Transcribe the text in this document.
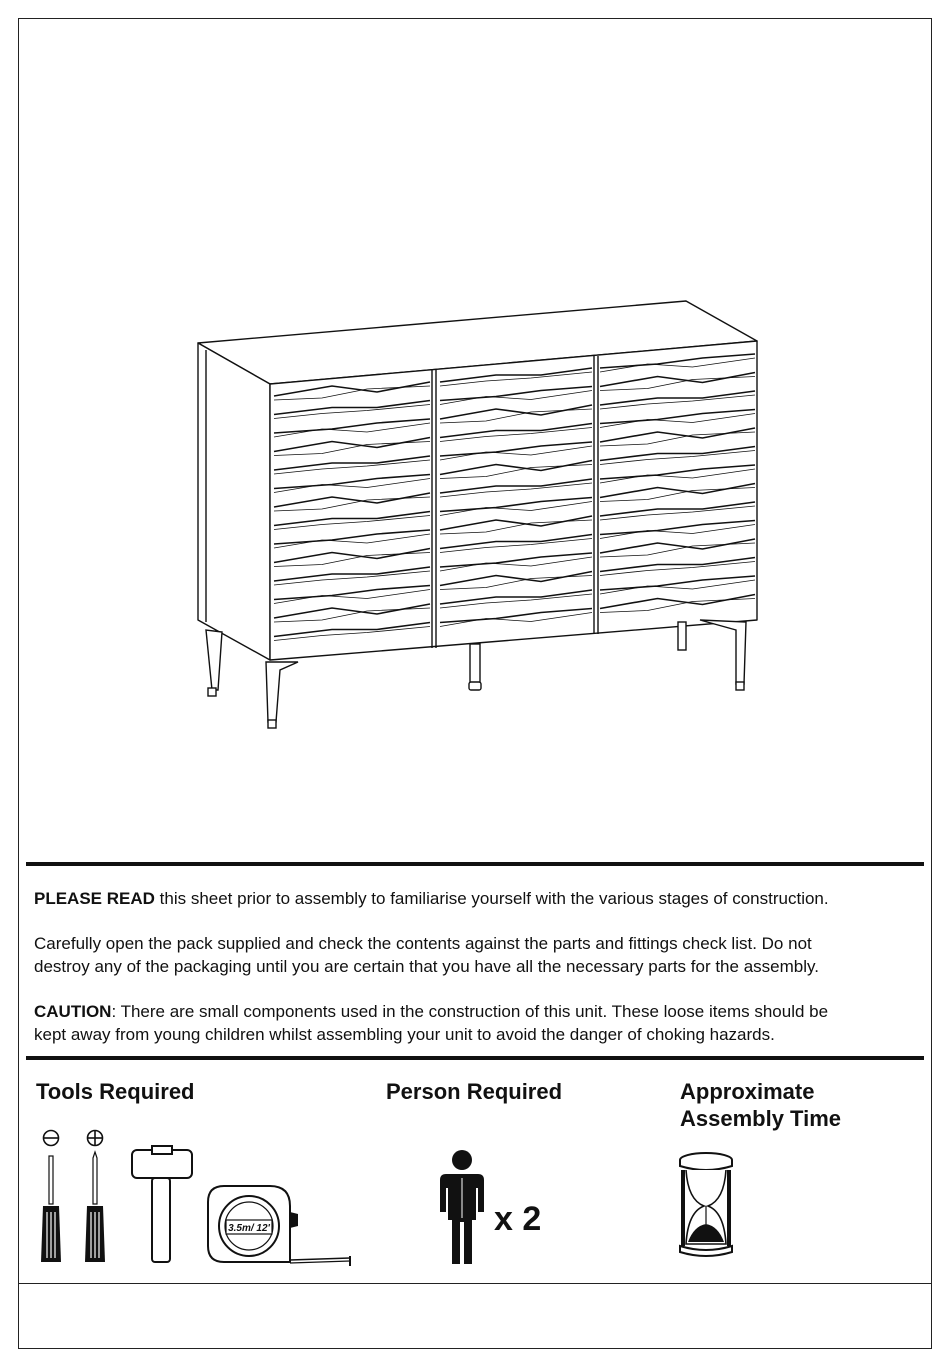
PLEASE READ this sheet prior to assembly to familiarise yourself with the various stages of construction.
Carefully open the pack supplied and check the contents against the parts and fittings check list. Do not
destroy any of the packaging until you are certain that you have all the necessary parts for the assembly.
CAUTION: There are small components used in the construction of this unit. These loose items should be
kept away from young children whilst assembling your unit to avoid the danger of choking hazards.
Tools Required	Person Required	Approximate
Assembly Time
3.5m/ 12'	x 2
